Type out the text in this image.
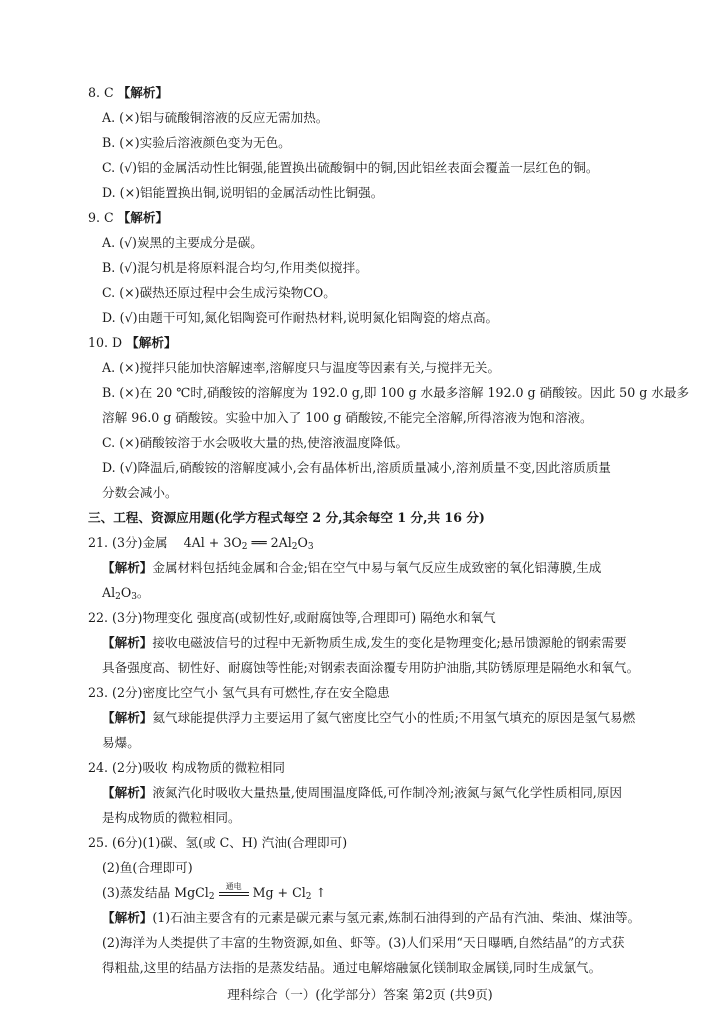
8. C 【解析】
A. (×)铝与硫酸铜溶液的反应无需加热。
B. (×)实验后溶液颜色变为无色。
C. (√)铝的金属活动性比铜强,能置换出硫酸铜中的铜,因此铝丝表面会覆盖一层红色的铜。
D. (×)铝能置换出铜,说明铝的金属活动性比铜强。
9. C 【解析】
A. (√)炭黑的主要成分是碳。
B. (√)混匀机是将原料混合均匀,作用类似搅拌。
C. (×)碳热还原过程中会生成污染物CO。
D. (√)由题干可知,氮化铝陶瓷可作耐热材料,说明氮化铝陶瓷的熔点高。
10. D 【解析】
A. (×)搅拌只能加快溶解速率,溶解度只与温度等因素有关,与搅拌无关。
B. (×)在 20 ℃时,硝酸铵的溶解度为 192.0 g,即 100 g 水最多溶解 192.0 g 硝酸铵。因此 50 g 水最多
溶解 96.0 g 硝酸铵。实验中加入了 100 g 硝酸铵,不能完全溶解,所得溶液为饱和溶液。
C. (×)硝酸铵溶于水会吸收大量的热,使溶液温度降低。
D. (√)降温后,硝酸铵的溶解度减小,会有晶体析出,溶质质量减小,溶剂质量不变,因此溶质质量
分数会减小。
三、工程、资源应用题(化学方程式每空 2 分,其余每空 1 分,共 16 分)
21. (3分)金属 $4Al + 3O_2$ ══ $2Al_2O_3$
【解析】金属材料包括纯金属和合金;铝在空气中易与氧气反应生成致密的氧化铝薄膜,生成
$Al_2O_3$。
22. (3分)物理变化 强度高(或韧性好,或耐腐蚀等,合理即可) 隔绝水和氧气
【解析】接收电磁波信号的过程中无新物质生成,发生的变化是物理变化;悬吊馈源舱的钢索需要
具备强度高、韧性好、耐腐蚀等性能;对钢索表面涂覆专用防护油脂,其防锈原理是隔绝水和氧气。
23. (2分)密度比空气小 氢气具有可燃性,存在安全隐患
【解析】氦气球能提供浮力主要运用了氦气密度比空气小的性质;不用氢气填充的原因是氢气易燃
易爆。
24. (2分)吸收 构成物质的微粒相同
【解析】液氮汽化时吸收大量热量,使周围温度降低,可作制冷剂;液氮与氮气化学性质相同,原因
是构成物质的微粒相同。
25. (6分)(1)碳、氢(或 C、H) 汽油(合理即可)
(2)鱼(合理即可)
(3)蒸发结晶 MgCl$_2$
通电 $Mg + Cl_2$ ↑
【解析】(1)石油主要含有的元素是碳元素与氢元素,炼制石油得到的产品有汽油、柴油、煤油等。
(2)海洋为人类提供了丰富的生物资源,如鱼、虾等。(3)人们采用“天日曝晒,自然结晶”的方式获
得粗盐,这里的结晶方法指的是蒸发结晶。通过电解熔融氯化镁制取金属镁,同时生成氯气。
理科综合（一）(化学部分）答案 第2页 (共9页)
